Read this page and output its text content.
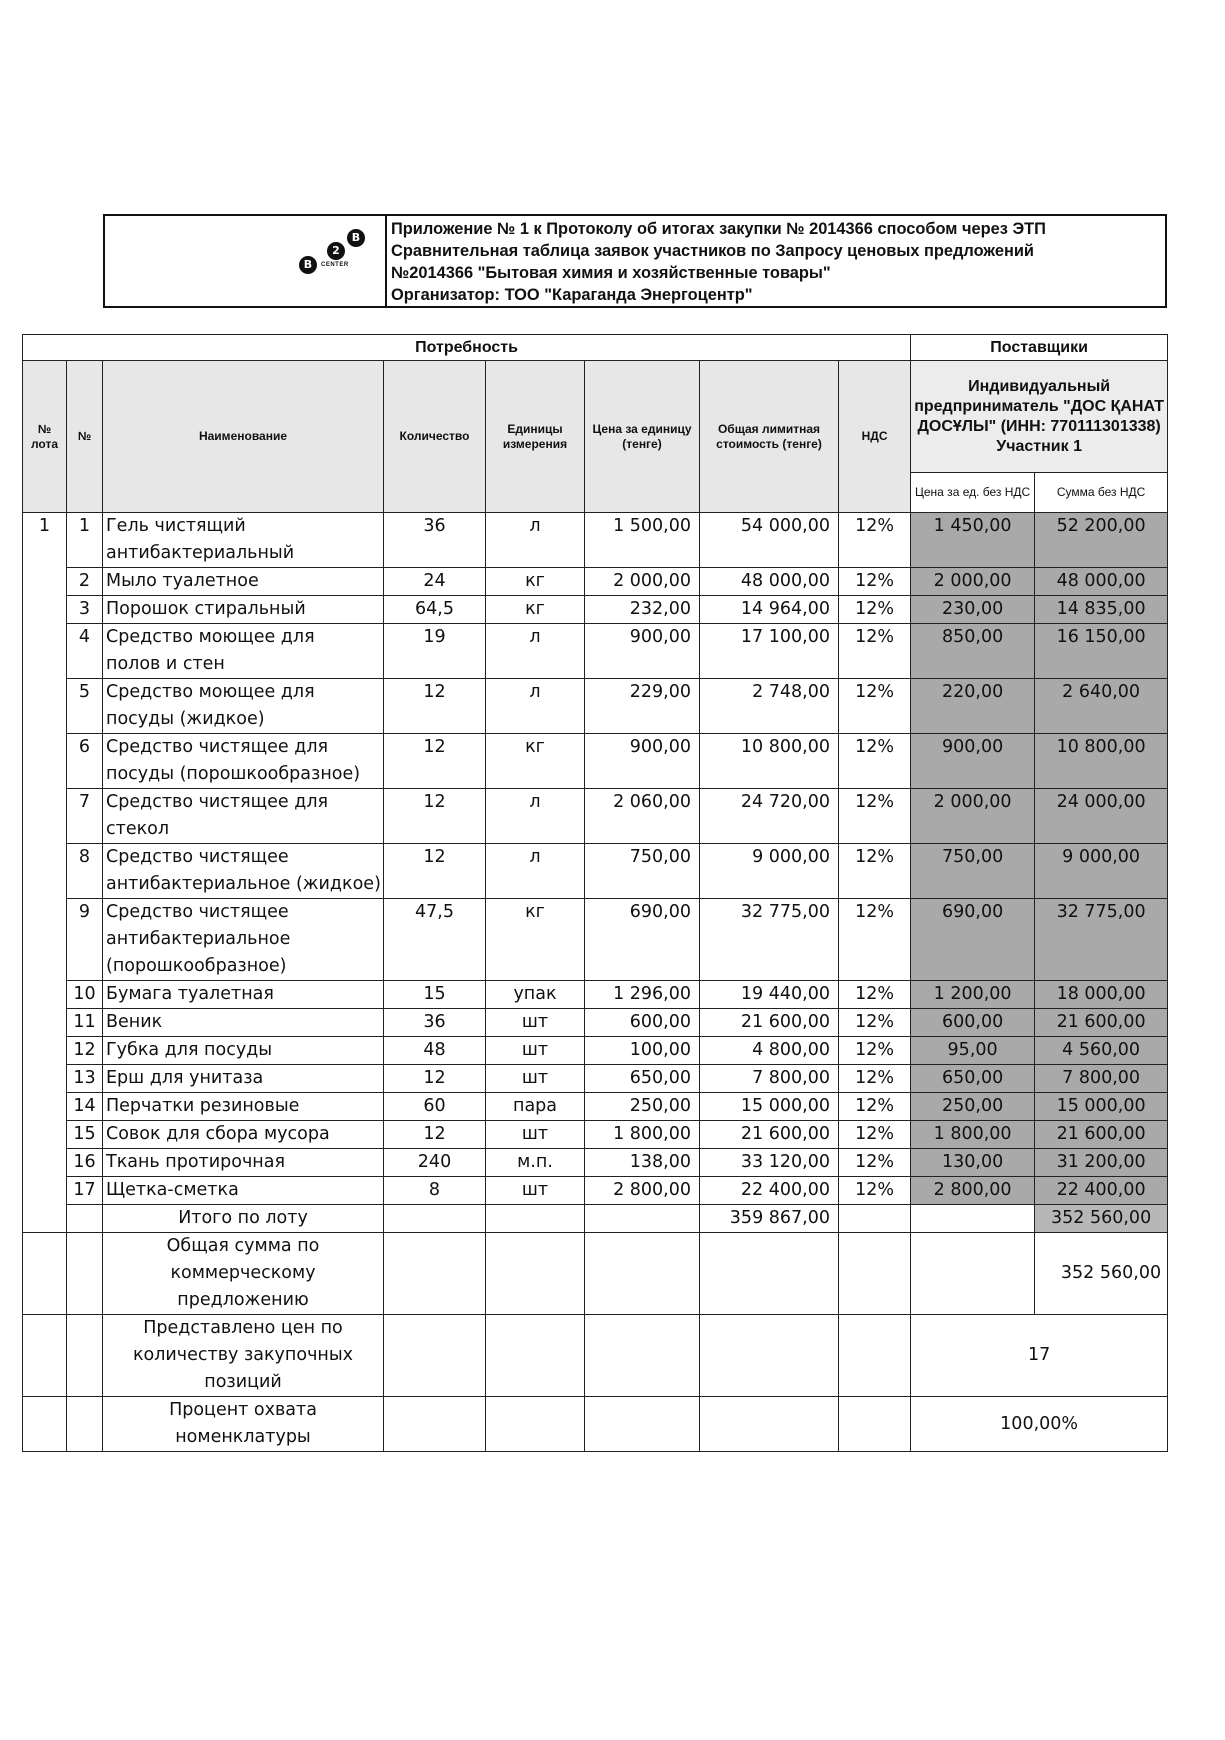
B
2
B	CENTER
Приложение № 1 к Протоколу об итогах закупки № 2014366 способом через ЭТП
Сравнительная таблица заявок участников по Запросу ценовых предложений
№2014366 "Бытовая химия и хозяйственные товары"
Организатор: ТОО "Караганда Энергоцентр"
Потребность								Поставщики	
№ лота	№	Наименование	Количество	Единицы измерения	Цена за единицу (тенге)	Общая лимитная стоимость (тенге)	НДС	Индивидуальный предприниматель "ДОС ҚАНАТ ДОСҰЛЫ" (ИНН: 770111301338)
Участник 1	

								Цена за ед. без НДС	Сумма без НДС
1	1	Гель чистящий
антибактериальный	36	л	1 500,00	54 000,00	12%	1 450,00	52 200,00
	2	Мыло туалетное	24	кг	2 000,00	48 000,00	12%	2 000,00	48 000,00
	3	Порошок стиральный	64,5	кг	232,00	14 964,00	12%	230,00	14 835,00
	4	Средство моющее для
полов и стен	19	л	900,00	17 100,00	12%	850,00	16 150,00
	5	Средство моющее для
посуды (жидкое)	12	л	229,00	2 748,00	12%	220,00	2 640,00
	6	Средство чистящее для
посуды (порошкообразное)	12	кг	900,00	10 800,00	12%	900,00	10 800,00
	7	Средство чистящее для
стекол	12	л	2 060,00	24 720,00	12%	2 000,00	24 000,00
	8	Средство чистящее
антибактериальное (жидкое)	12	л	750,00	9 000,00	12%	750,00	9 000,00
	9	Средство чистящее
антибактериальное
(порошкообразное)	47,5	кг	690,00	32 775,00	12%	690,00	32 775,00
	10	Бумага туалетная	15	упак	1 296,00	19 440,00	12%	1 200,00	18 000,00
	11	Веник	36	шт	600,00	21 600,00	12%	600,00	21 600,00
	12	Губка для посуды	48	шт	100,00	4 800,00	12%	95,00	4 560,00
	13	Ерш для унитаза	12	шт	650,00	7 800,00	12%	650,00	7 800,00
	14	Перчатки резиновые	60	пара	250,00	15 000,00	12%	250,00	15 000,00
	15	Совок для сбора мусора	12	шт	1 800,00	21 600,00	12%	1 800,00	21 600,00
	16	Ткань протирочная	240	м.п.	138,00	33 120,00	12%	130,00	31 200,00
	17	Щетка-сметка	8	шт	2 800,00	22 400,00	12%	2 800,00	22 400,00
		Итого по лоту				359 867,00			352 560,00
		Общая сумма по
коммерческому
предложению							352 560,00
		Представлено цен по
количеству закупочных
позиций						17	
		Процент охвата
номенклатуры						100,00%	
